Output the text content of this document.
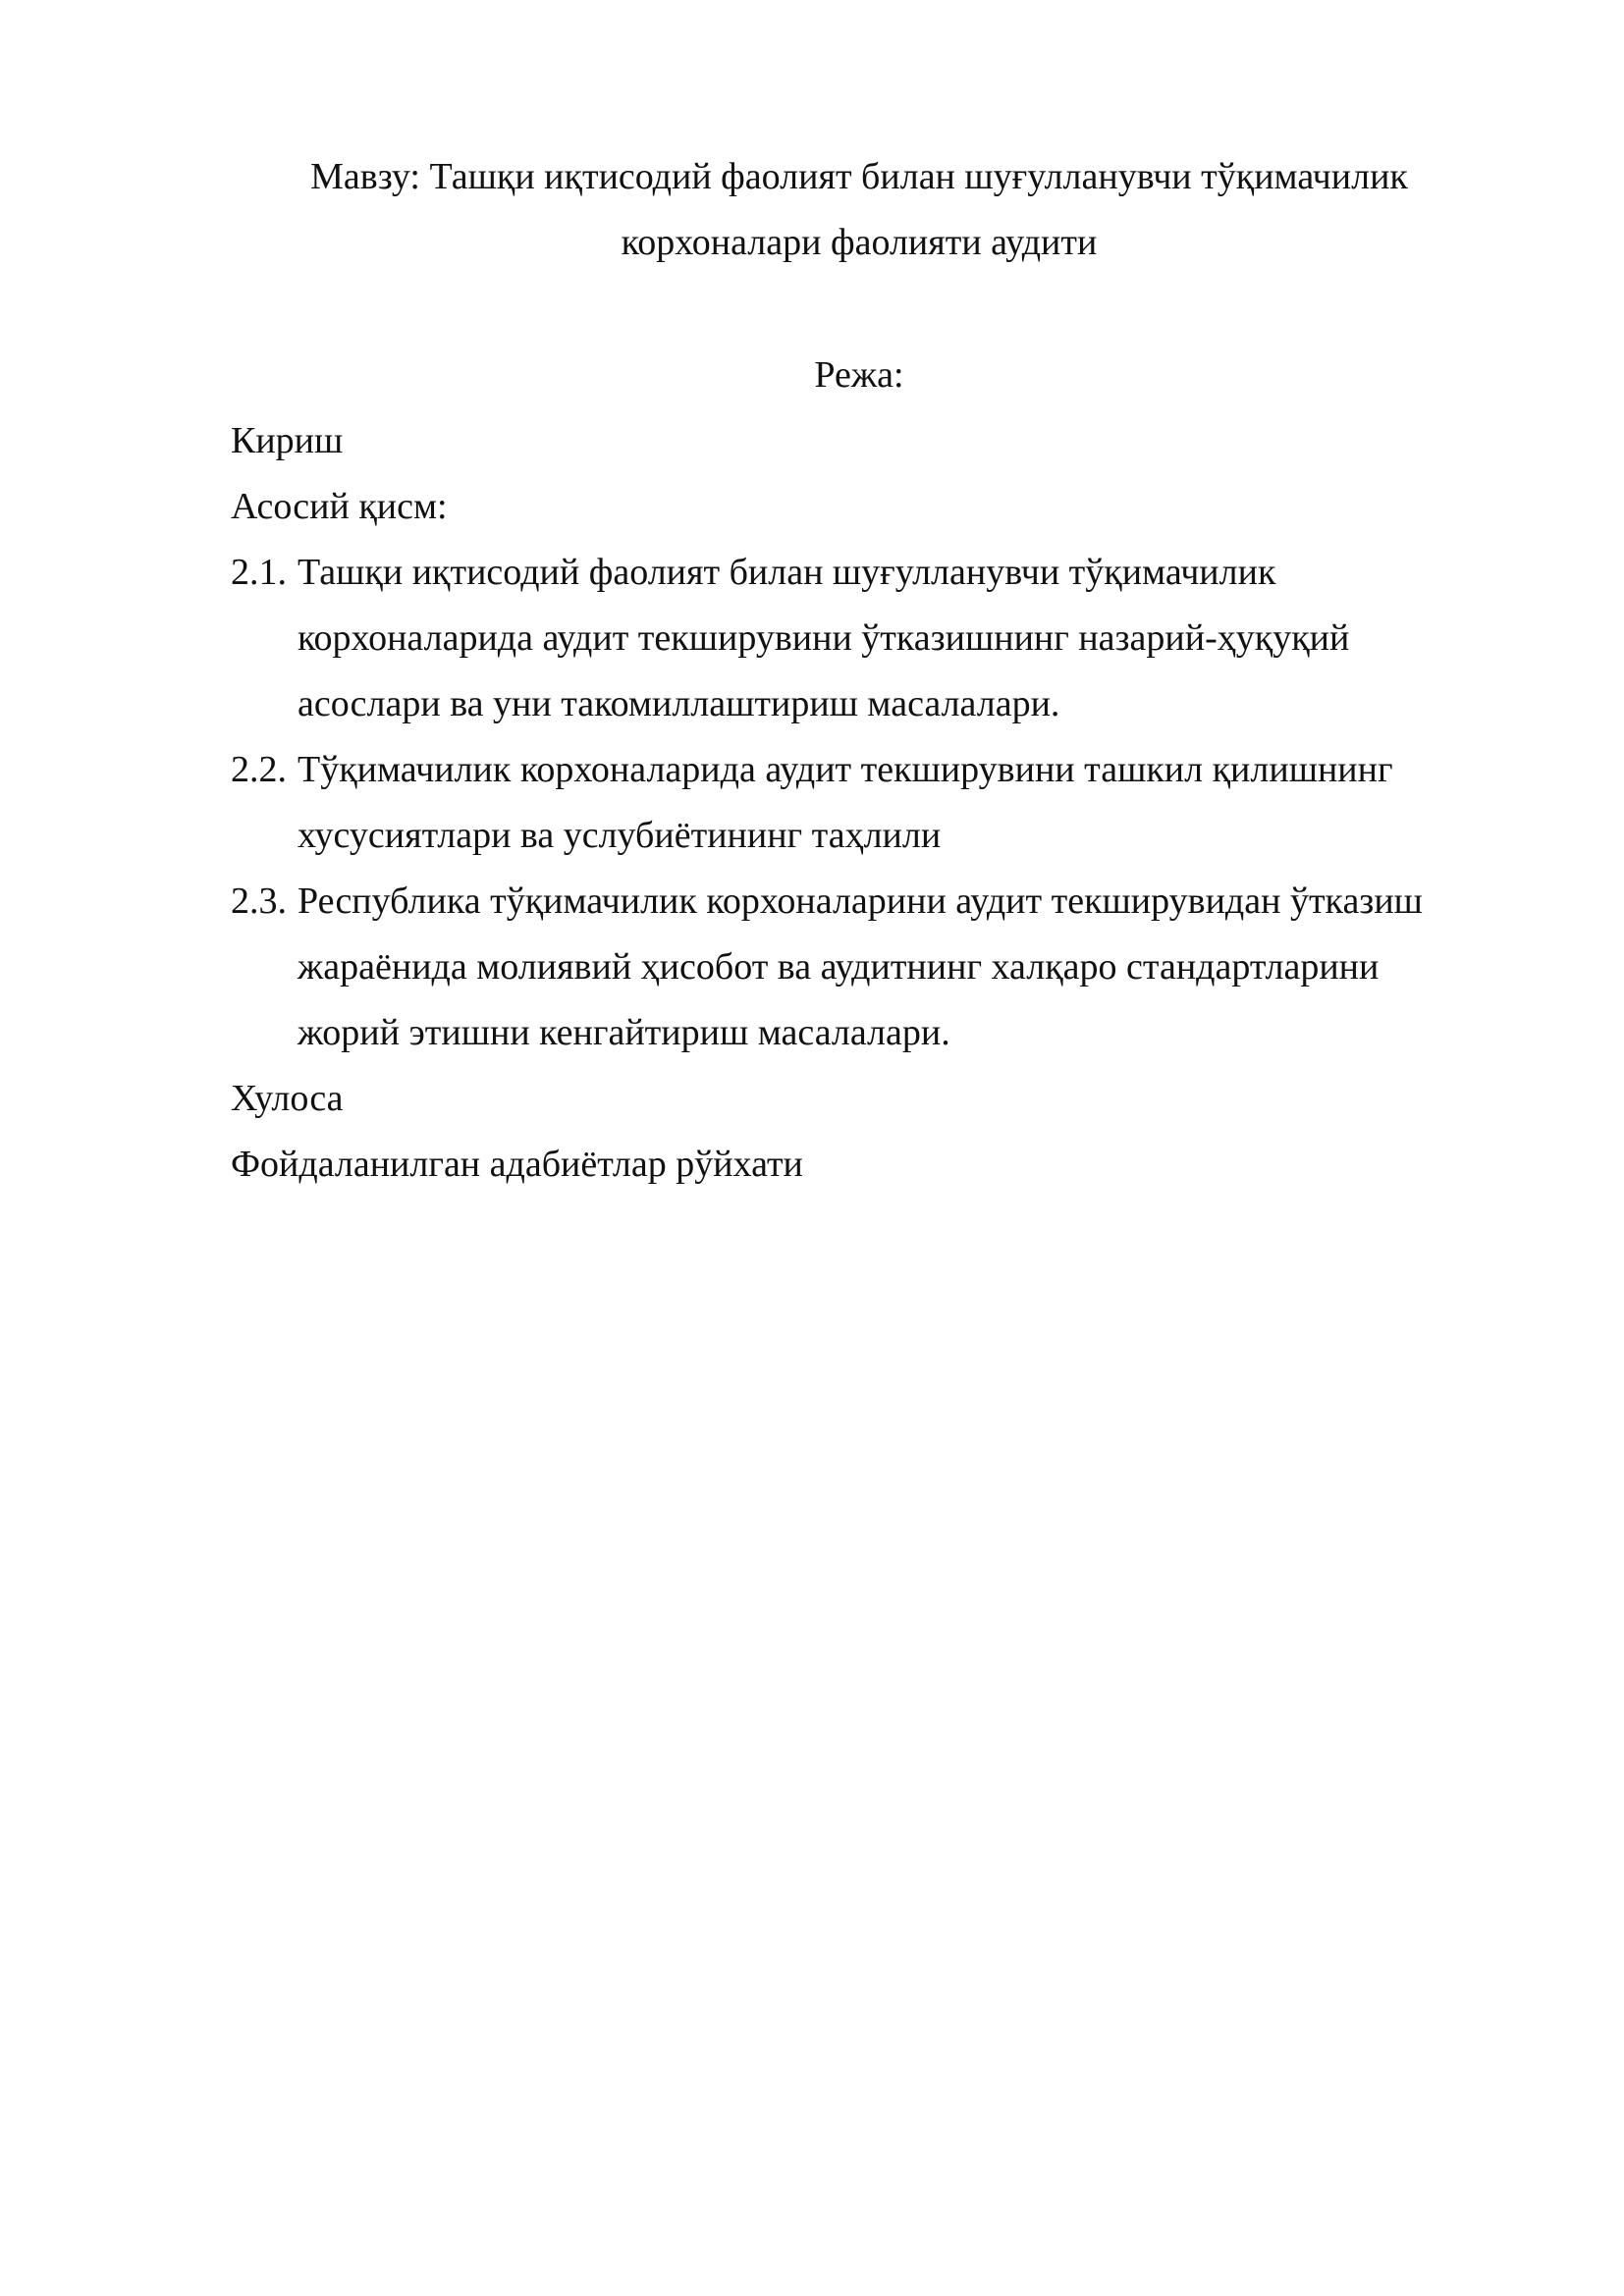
Мавзу: Ташқи иқтисодий фаолият билан шуғулланувчи тўқимачилик
корхоналари фаолияти аудити
Режа:
Кириш
Асосий қисм:
2.1. Ташқи иқтисодий фаолият билан шуғулланувчи тўқимачилик
корхоналарида аудит текширувини ўтказишнинг назарий-ҳуқуқий
асослари ва уни такомиллаштириш масалалари.
2.2. Тўқимачилик корхоналарида аудит текширувини ташкил қилишнинг
хусусиятлари ва услубиётининг таҳлили
2.3. Республика тўқимачилик корхоналарини аудит текширувидан ўтказиш
жараёнида молиявий ҳисобот ва аудитнинг халқаро стандартларини
жорий этишни кенгайтириш масалалари.
Хулоса
Фойдаланилган адабиётлар рўйхати
